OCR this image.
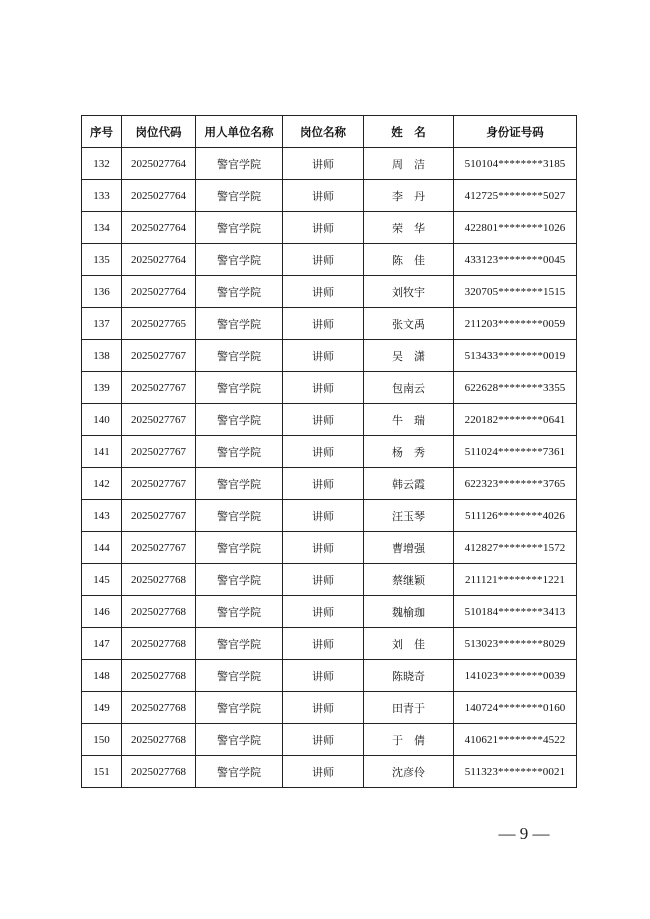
序号	岗位代码	用人单位名称	岗位名称	姓　名	身份证号码
132	2025027764	警官学院	讲师	周　洁	510104********3185
133	2025027764	警官学院	讲师	李　丹	412725********5027
134	2025027764	警官学院	讲师	荣　华	422801********1026
135	2025027764	警官学院	讲师	陈　佳	433123********0045
136	2025027764	警官学院	讲师	刘牧宇	320705********1515
137	2025027765	警官学院	讲师	张文禹	211203********0059
138	2025027767	警官学院	讲师	吴　潇	513433********0019
139	2025027767	警官学院	讲师	包南云	622628********3355
140	2025027767	警官学院	讲师	牛　瑞	220182********0641
141	2025027767	警官学院	讲师	杨　秀	511024********7361
142	2025027767	警官学院	讲师	韩云霞	622323********3765
143	2025027767	警官学院	讲师	汪玉琴	511126********4026
144	2025027767	警官学院	讲师	曹增强	412827********1572
145	2025027768	警官学院	讲师	蔡继颖	211121********1221
146	2025027768	警官学院	讲师	魏榆珈	510184********3413
147	2025027768	警官学院	讲师	刘　佳	513023********8029
148	2025027768	警官学院	讲师	陈晓奇	141023********0039
149	2025027768	警官学院	讲师	田青于	140724********0160
150	2025027768	警官学院	讲师	于　倩	410621********4522
151	2025027768	警官学院	讲师	沈彦伶	511323********0021
— 9 —
